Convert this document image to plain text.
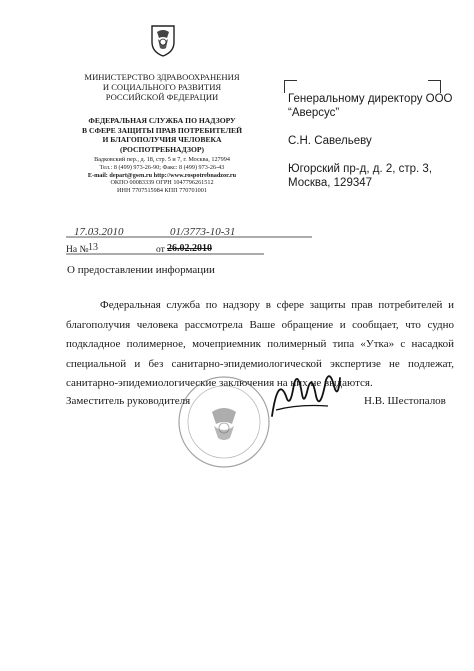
МИНИСТЕРСТВО ЗДРАВООХРАНЕНИЯ
И СОЦИАЛЬНОГО РАЗВИТИЯ
РОССИЙСКОЙ ФЕДЕРАЦИИ
ФЕДЕРАЛЬНАЯ СЛУЖБА ПО НАДЗОРУ
В СФЕРЕ ЗАЩИТЫ ПРАВ ПОТРЕБИТЕЛЕЙ
И БЛАГОПОЛУЧИЯ ЧЕЛОВЕКА
(РОСПОТРЕБНАДЗОР)
Вадковский пер., д. 18, стр. 5 и 7, г. Москва, 127994
Тел.: 8 (499) 973-26-90; Факс: 8 (499) 973-26-43
E-mail: depart@gsen.ru http://www.rospotrebnadzor.ru
ОКПО 00083339 ОГРН 1047796261512
ИНН 7707515984 КПП 770701001
17.03.2010	01/3773-10-31
На № 13	от 26.02.2010
О предоставлении информации
Генеральному директору ООО
“Аверсус”

С.Н. Савельеву

Югорский пр-д, д. 2, стр. 3,
Москва, 129347
Федеральная служба по надзору в сфере защиты прав потребителей и
благополучия человека рассмотрела Ваше обращение и сообщает, что судно
подкладное полимерное, мочеприемник полимерный типа «Утка» с насадкой
специальной и без санитарно-эпидемиологической экспертизе не подлежат,
санитарно-эпидемиологические заключения на них не выдаются.
Заместитель руководителя	Н.В. Шестопалов
